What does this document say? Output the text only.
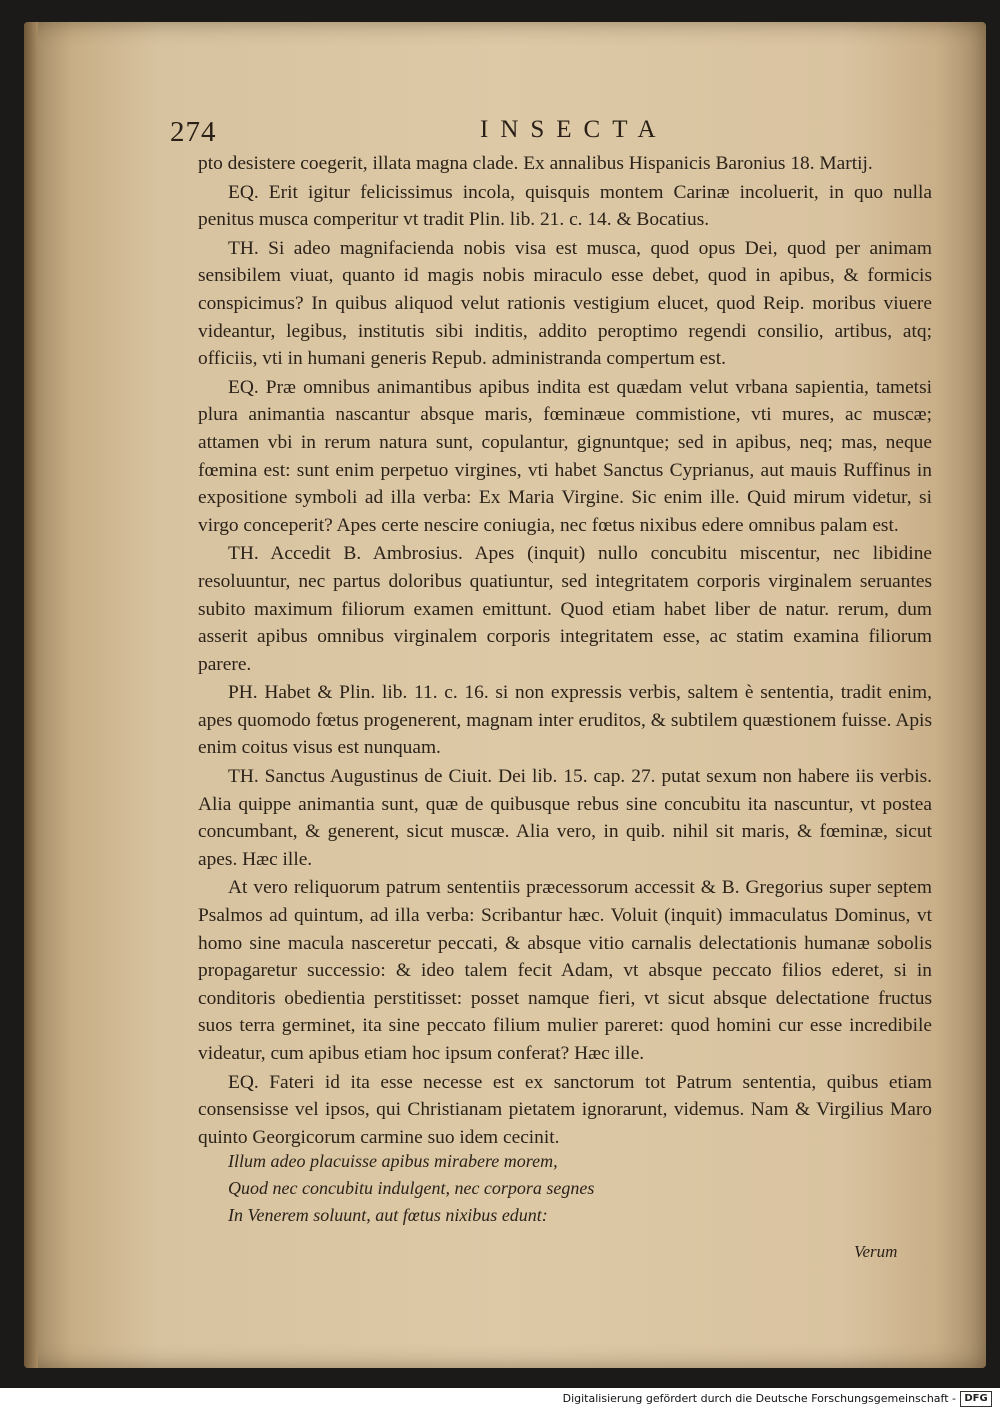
274	INSECTA

pto desistere coegerit, illata magna clade. Ex annalibus Hispanicis Baronius 18. Martij.

EQ. Erit igitur felicissimus incola, quisquis montem Carinæ incoluerit, in quo nulla penitus musca comperitur vt tradit Plin. lib. 21. c. 14. & Bocatius.

TH. Si adeo magnifacienda nobis visa est musca, quod opus Dei, quod per animam sensibilem viuat, quanto id magis nobis miraculo esse debet, quod in apibus, & formicis conspicimus? In quibus aliquod velut rationis vestigium elucet, quod Reip. moribus viuere videantur, legibus, institutis sibi inditis, addito peroptimo regendi consilio, artibus, atq; officiis, vti in humani generis Repub. administranda compertum est.

EQ. Præ omnibus animantibus apibus indita est quædam velut vrbana sapientia, tametsi plura animantia nascantur absque maris, fœminæue commistione, vti mures, ac muscæ; attamen vbi in rerum natura sunt, copulantur, gignuntque; sed in apibus, neq; mas, neque fœmina est: sunt enim perpetuo virgines, vti habet Sanctus Cyprianus, aut mauis Ruffinus in expositione symboli ad illa verba: Ex Maria Virgine. Sic enim ille. Quid mirum videtur, si virgo conceperit? Apes certe nescire coniugia, nec fœtus nixibus edere omnibus palam est.

TH. Accedit B. Ambrosius. Apes (inquit) nullo concubitu miscentur, nec libidine resoluuntur, nec partus doloribus quatiuntur, sed integritatem corporis virginalem seruantes subito maximum filiorum examen emittunt. Quod etiam habet liber de natur. rerum, dum asserit apibus omnibus virginalem corporis integritatem esse, ac statim examina filiorum parere.

PH. Habet & Plin. lib. 11. c. 16. si non expressis verbis, saltem è sententia, tradit enim, apes quomodo fœtus progenerent, magnam inter eruditos, & subtilem quæstionem fuisse. Apis enim coitus visus est nunquam.

TH. Sanctus Augustinus de Ciuit. Dei lib. 15. cap. 27. putat sexum non habere iis verbis. Alia quippe animantia sunt, quæ de quibusque rebus sine concubitu ita nascuntur, vt postea concumbant, & generent, sicut muscæ. Alia vero, in quib. nihil sit maris, & fœminæ, sicut apes. Hæc ille.

At vero reliquorum patrum sententiis præcessorum accessit & B. Gregorius super septem Psalmos ad quintum, ad illa verba: Scribantur hæc. Voluit (inquit) immaculatus Dominus, vt homo sine macula nasceretur peccati, & absque vitio carnalis delectationis humanæ sobolis propagaretur successio: & ideo talem fecit Adam, vt absque peccato filios ederet, si in conditoris obedientia perstitisset: posset namque fieri, vt sicut absque delectatione fructus suos terra germinet, ita sine peccato filium mulier pareret: quod homini cur esse incredibile videatur, cum apibus etiam hoc ipsum conferat? Hæc ille.

EQ. Fateri id ita esse necesse est ex sanctorum tot Patrum sententia, quibus etiam consensisse vel ipsos, qui Christianam pietatem ignorarunt, videmus. Nam & Virgilius Maro quinto Georgicorum carmine suo idem cecinit.

Illum adeo placuisse apibus mirabere morem,
Quod nec concubitu indulgent, nec corpora segnes
In Venerem soluunt, aut fœtus nixibus edunt:
Verum
Digitalisierung gefördert durch die Deutsche Forschungsgemeinschaft - DFG
